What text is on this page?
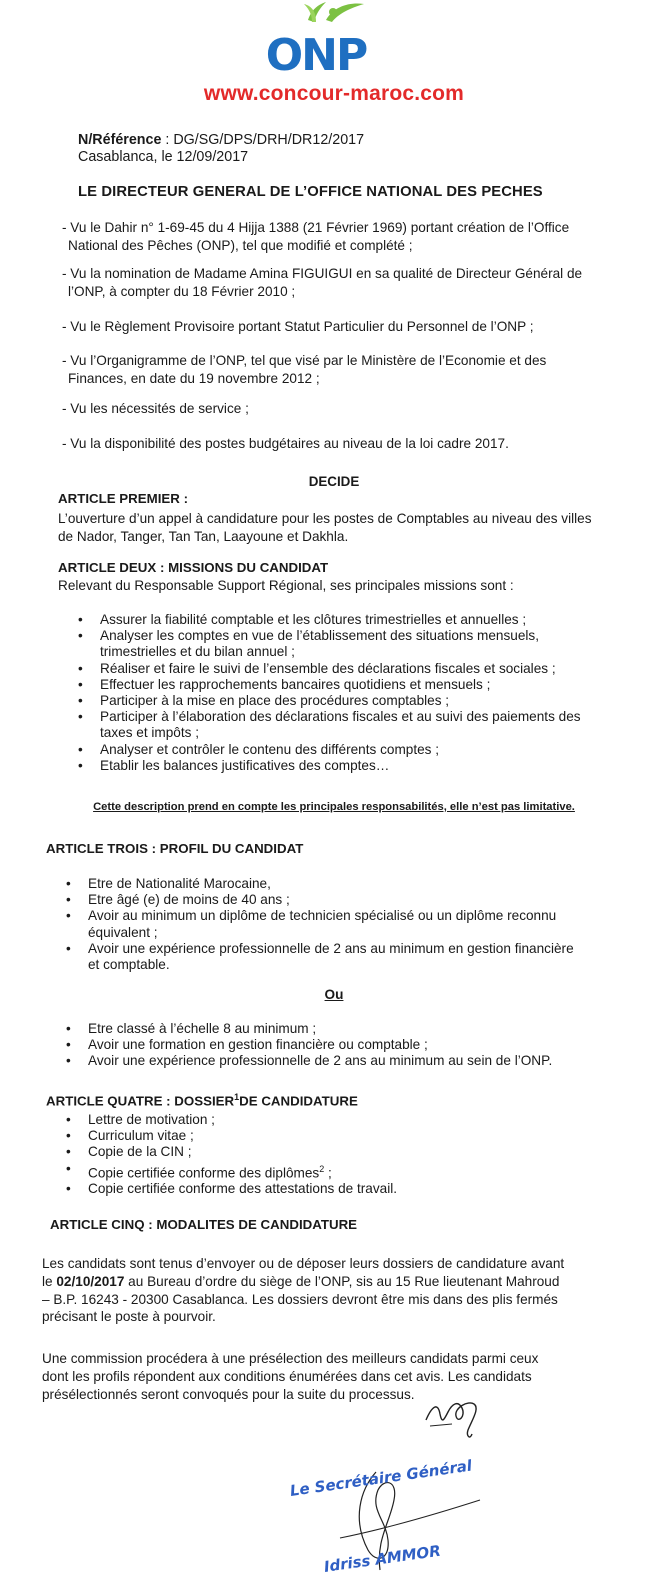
ONP
www.concour-maroc.com
N/Référence : DG/SG/DPS/DRH/DR12/2017
Casablanca, le 12/09/2017
LE DIRECTEUR GENERAL DE L’OFFICE NATIONAL DES PECHES
- Vu le Dahir n° 1-69-45 du 4 Hijja 1388 (21 Février 1969) portant création de l’Office
National des Pêches (ONP), tel que modifié et complété ;
- Vu la nomination de Madame Amina FIGUIGUI en sa qualité de Directeur Général de
l’ONP, à compter du 18 Février 2010 ;
- Vu le Règlement Provisoire portant Statut Particulier du Personnel de l’ONP ;
- Vu l’Organigramme de l’ONP, tel que visé par le Ministère de l’Economie et des
Finances, en date du 19 novembre 2012 ;
- Vu les nécessités de service ;
- Vu la disponibilité des postes budgétaires au niveau de la loi cadre 2017.
DECIDE
ARTICLE PREMIER :
L’ouverture d’un appel à candidature pour les postes de Comptables au niveau des villes
de Nador, Tanger, Tan Tan, Laayoune et Dakhla.
ARTICLE DEUX : MISSIONS DU CANDIDAT
Relevant du Responsable Support Régional, ses principales missions sont :
• Assurer la fiabilité comptable et les clôtures trimestrielles et annuelles ;
• Analyser les comptes en vue de l’établissement des situations mensuels,
trimestrielles et du bilan annuel ;
• Réaliser et faire le suivi de l’ensemble des déclarations fiscales et sociales ;
• Effectuer les rapprochements bancaires quotidiens et mensuels ;
• Participer à la mise en place des procédures comptables ;
• Participer à l’élaboration des déclarations fiscales et au suivi des paiements des
taxes et impôts ;
• Analyser et contrôler le contenu des différents comptes ;
• Etablir les balances justificatives des comptes…
Cette description prend en compte les principales responsabilités, elle n’est pas limitative.
ARTICLE TROIS : PROFIL DU CANDIDAT
• Etre de Nationalité Marocaine,
• Etre âgé (e) de moins de 40 ans ;
• Avoir au minimum un diplôme de technicien spécialisé ou un diplôme reconnu
équivalent ;
• Avoir une expérience professionnelle de 2 ans au minimum en gestion financière
et comptable.
Ou
• Etre classé à l’échelle 8 au minimum ;
• Avoir une formation en gestion financière ou comptable ;
• Avoir une expérience professionnelle de 2 ans au minimum au sein de l’ONP.
ARTICLE QUATRE : DOSSIER$^1$DE CANDIDATURE
• Lettre de motivation ;
• Curriculum vitae ;
• Copie de la CIN ;
• Copie certifiée conforme des diplômes$^2$ ;
• Copie certifiée conforme des attestations de travail.
ARTICLE CINQ : MODALITES DE CANDIDATURE
Les candidats sont tenus d’envoyer ou de déposer leurs dossiers de candidature avant
le 02/10/2017 au Bureau d’ordre du siège de l’ONP, sis au 15 Rue lieutenant Mahroud
– B.P. 16243 - 20300 Casablanca. Les dossiers devront être mis dans des plis fermés
précisant le poste à pourvoir.
Une commission procédera à une présélection des meilleurs candidats parmi ceux
dont les profils répondent aux conditions énumérées dans cet avis. Les candidats
présélectionnés seront convoqués pour la suite du processus.
Le Secrétaire Général
Idriss AMMOR
